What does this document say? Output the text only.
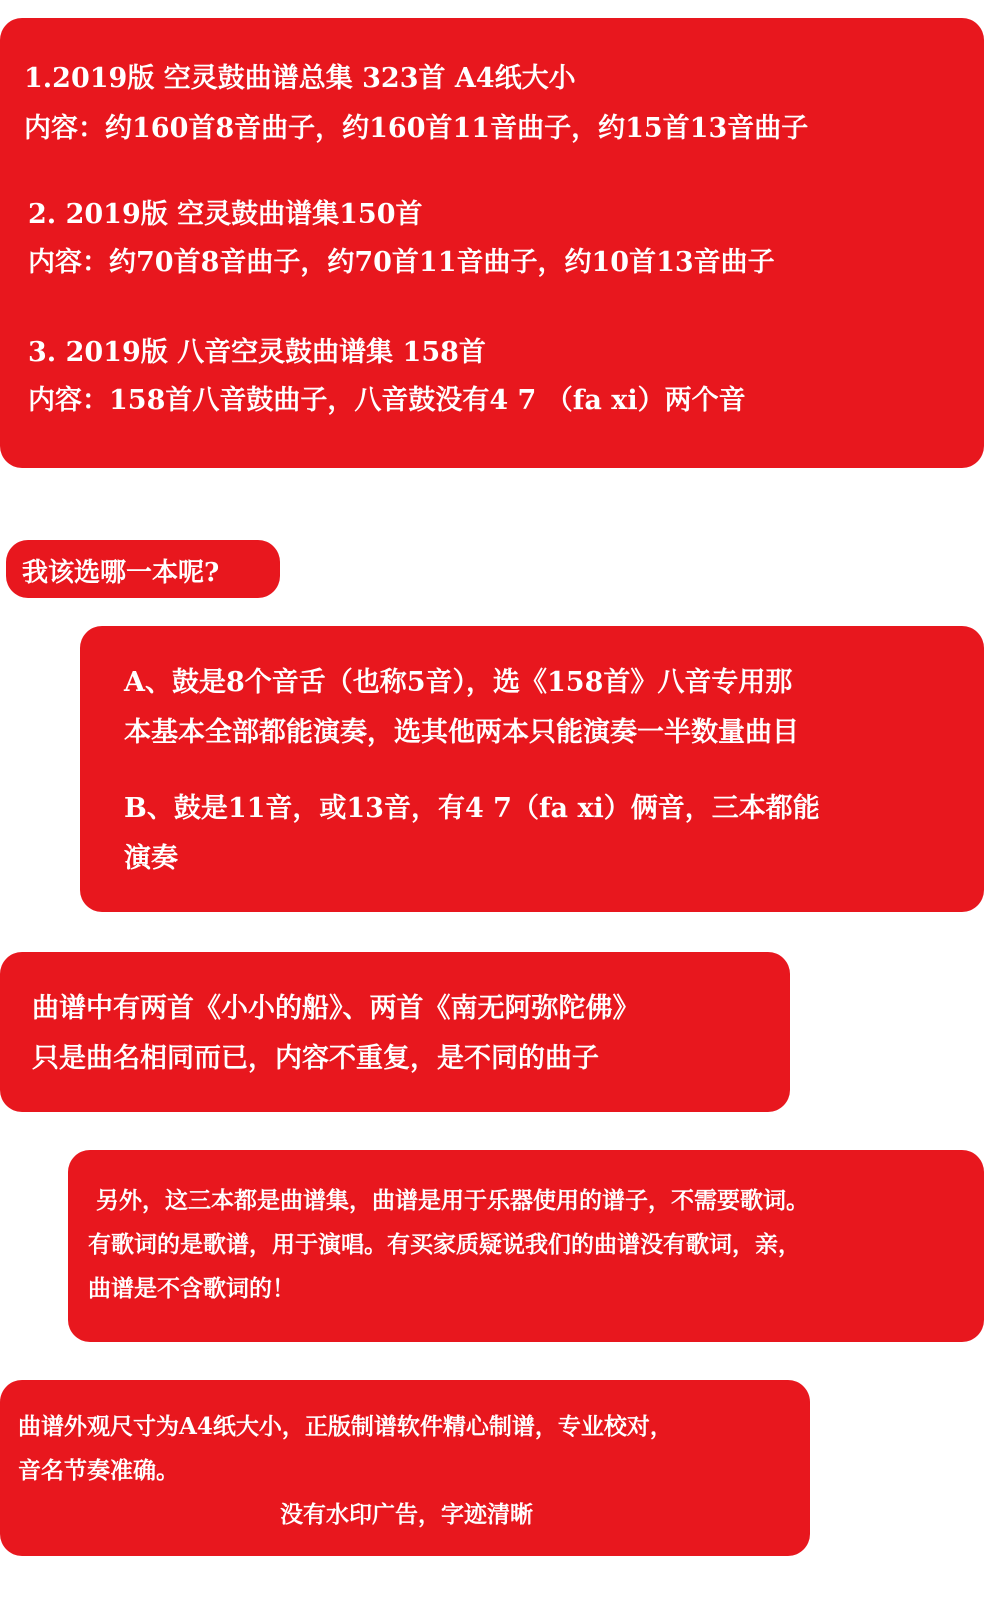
1.2019版 空灵鼓曲谱总集 323首 A4纸大小
内容：约160首8音曲子，约160首11音曲子，约15首13音曲子
2. 2019版 空灵鼓曲谱集150首
内容：约70首8音曲子，约70首11音曲子，约10首13音曲子
3. 2019版 八音空灵鼓曲谱集 158首
内容：158首八音鼓曲子，八音鼓没有4 7 （fa xi）两个音
我该选哪一本呢?
A、鼓是8个音舌（也称5音），选《158首》八音专用那
本基本全部都能演奏，选其他两本只能演奏一半数量曲目
B、鼓是11音，或13音，有4 7（fa xi）俩音，三本都能
演奏
曲谱中有两首《小小的船》、两首《南无阿弥陀佛》
只是曲名相同而已，内容不重复，是不同的曲子
另外，这三本都是曲谱集，曲谱是用于乐器使用的谱子，不需要歌词。
有歌词的是歌谱，用于演唱。有买家质疑说我们的曲谱没有歌词，亲，
曲谱是不含歌词的！
曲谱外观尺寸为A4纸大小，正版制谱软件精心制谱，专业校对，
音名节奏准确。
没有水印广告，字迹清晰
